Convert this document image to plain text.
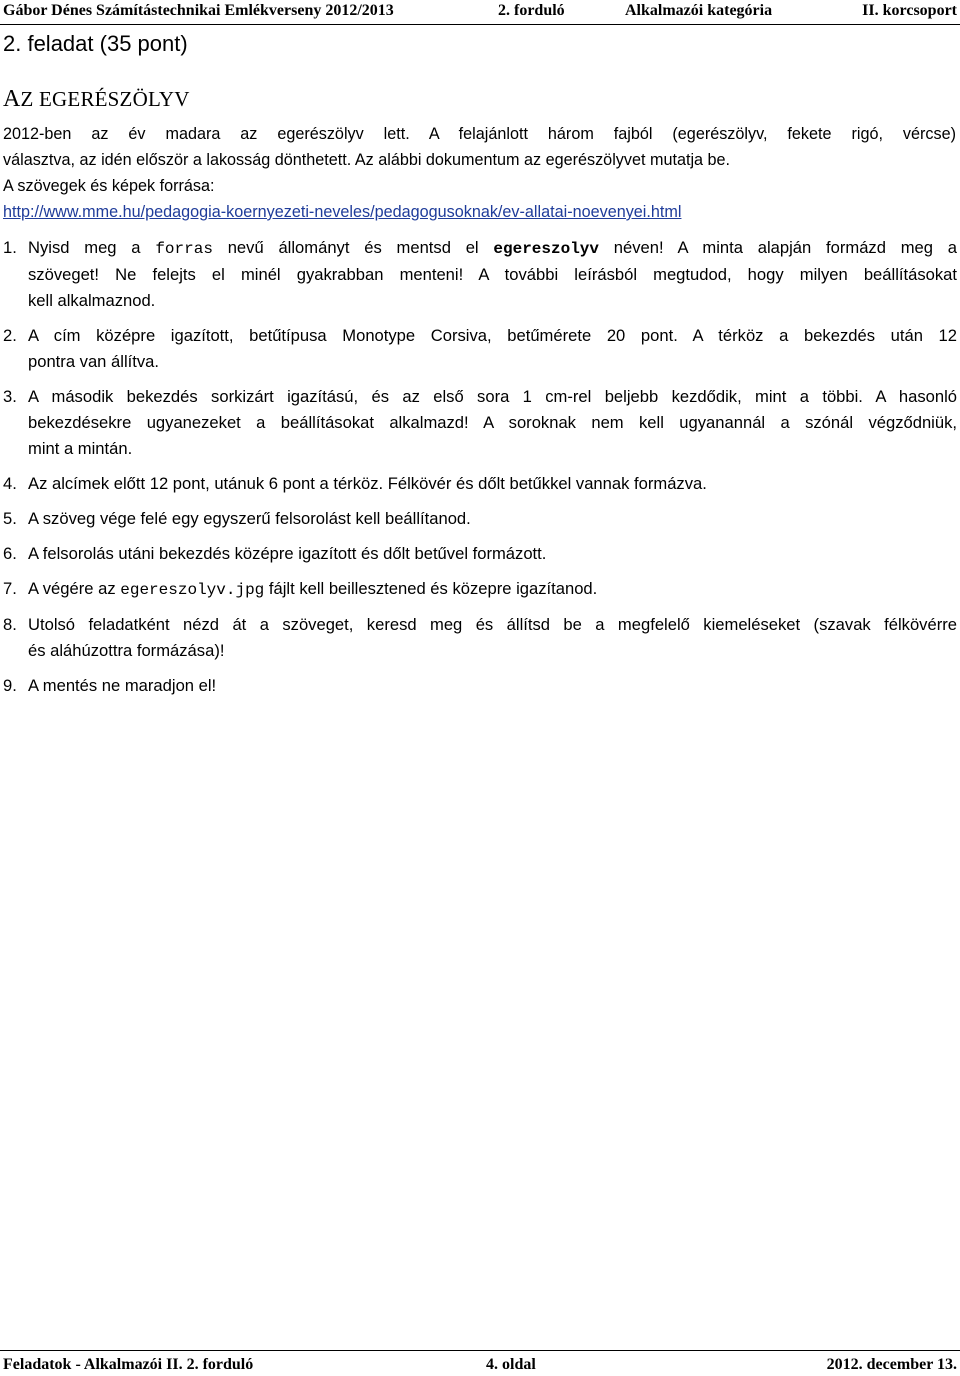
Gábor Dénes Számítástechnikai Emlékverseny 2012/2013	2. forduló	Alkalmazói kategória	II. korcsoport
2. feladat (35 pont)
AZ EGERÉSZÖLYV

2012-ben az év madara az egerészölyv lett. A felajánlott három fajból (egerészölyv, fekete rigó, vércse)

választva, az idén először a lakosság dönthetett. Az alábbi dokumentum az egerészölyvet mutatja be.

A szövegek és képek forrása:

http://www.mme.hu/pedagogia-koernyezeti-neveles/pedagogusoknak/ev-allatai-noevenyei.html

1. Nyisd meg a forras nevű állományt és mentsd el egereszolyv néven! A minta alapján formázd meg a
szöveget! Ne felejts el minél gyakrabban menteni! A további leírásból megtudod, hogy milyen beállításokat
kell alkalmaznod.
2. A cím középre igazított, betűtípusa Monotype Corsiva, betűmérete 20 pont. A térköz a bekezdés után 12
pontra van állítva.
3. A második bekezdés sorkizárt igazítású, és az első sora 1 cm-rel beljebb kezdődik, mint a többi. A hasonló
bekezdésekre ugyanezeket a beállításokat alkalmazd! A soroknak nem kell ugyanannál a szónál végződniük,
mint a mintán.
4. Az alcímek előtt 12 pont, utánuk 6 pont a térköz. Félkövér és dőlt betűkkel vannak formázva.
5. A szöveg vége felé egy egyszerű felsorolást kell beállítanod.
6. A felsorolás utáni bekezdés középre igazított és dőlt betűvel formázott.
7. A végére az egereszolyv.jpg fájlt kell beillesztened és közepre igazítanod.
8. Utolsó feladatként nézd át a szöveget, keresd meg és állítsd be a megfelelő kiemeléseket (szavak félkövérre
és aláhúzottra formázása)!
9. A mentés ne maradjon el!
Feladatok - Alkalmazói II. 2. forduló	4. oldal	2012. december 13.
